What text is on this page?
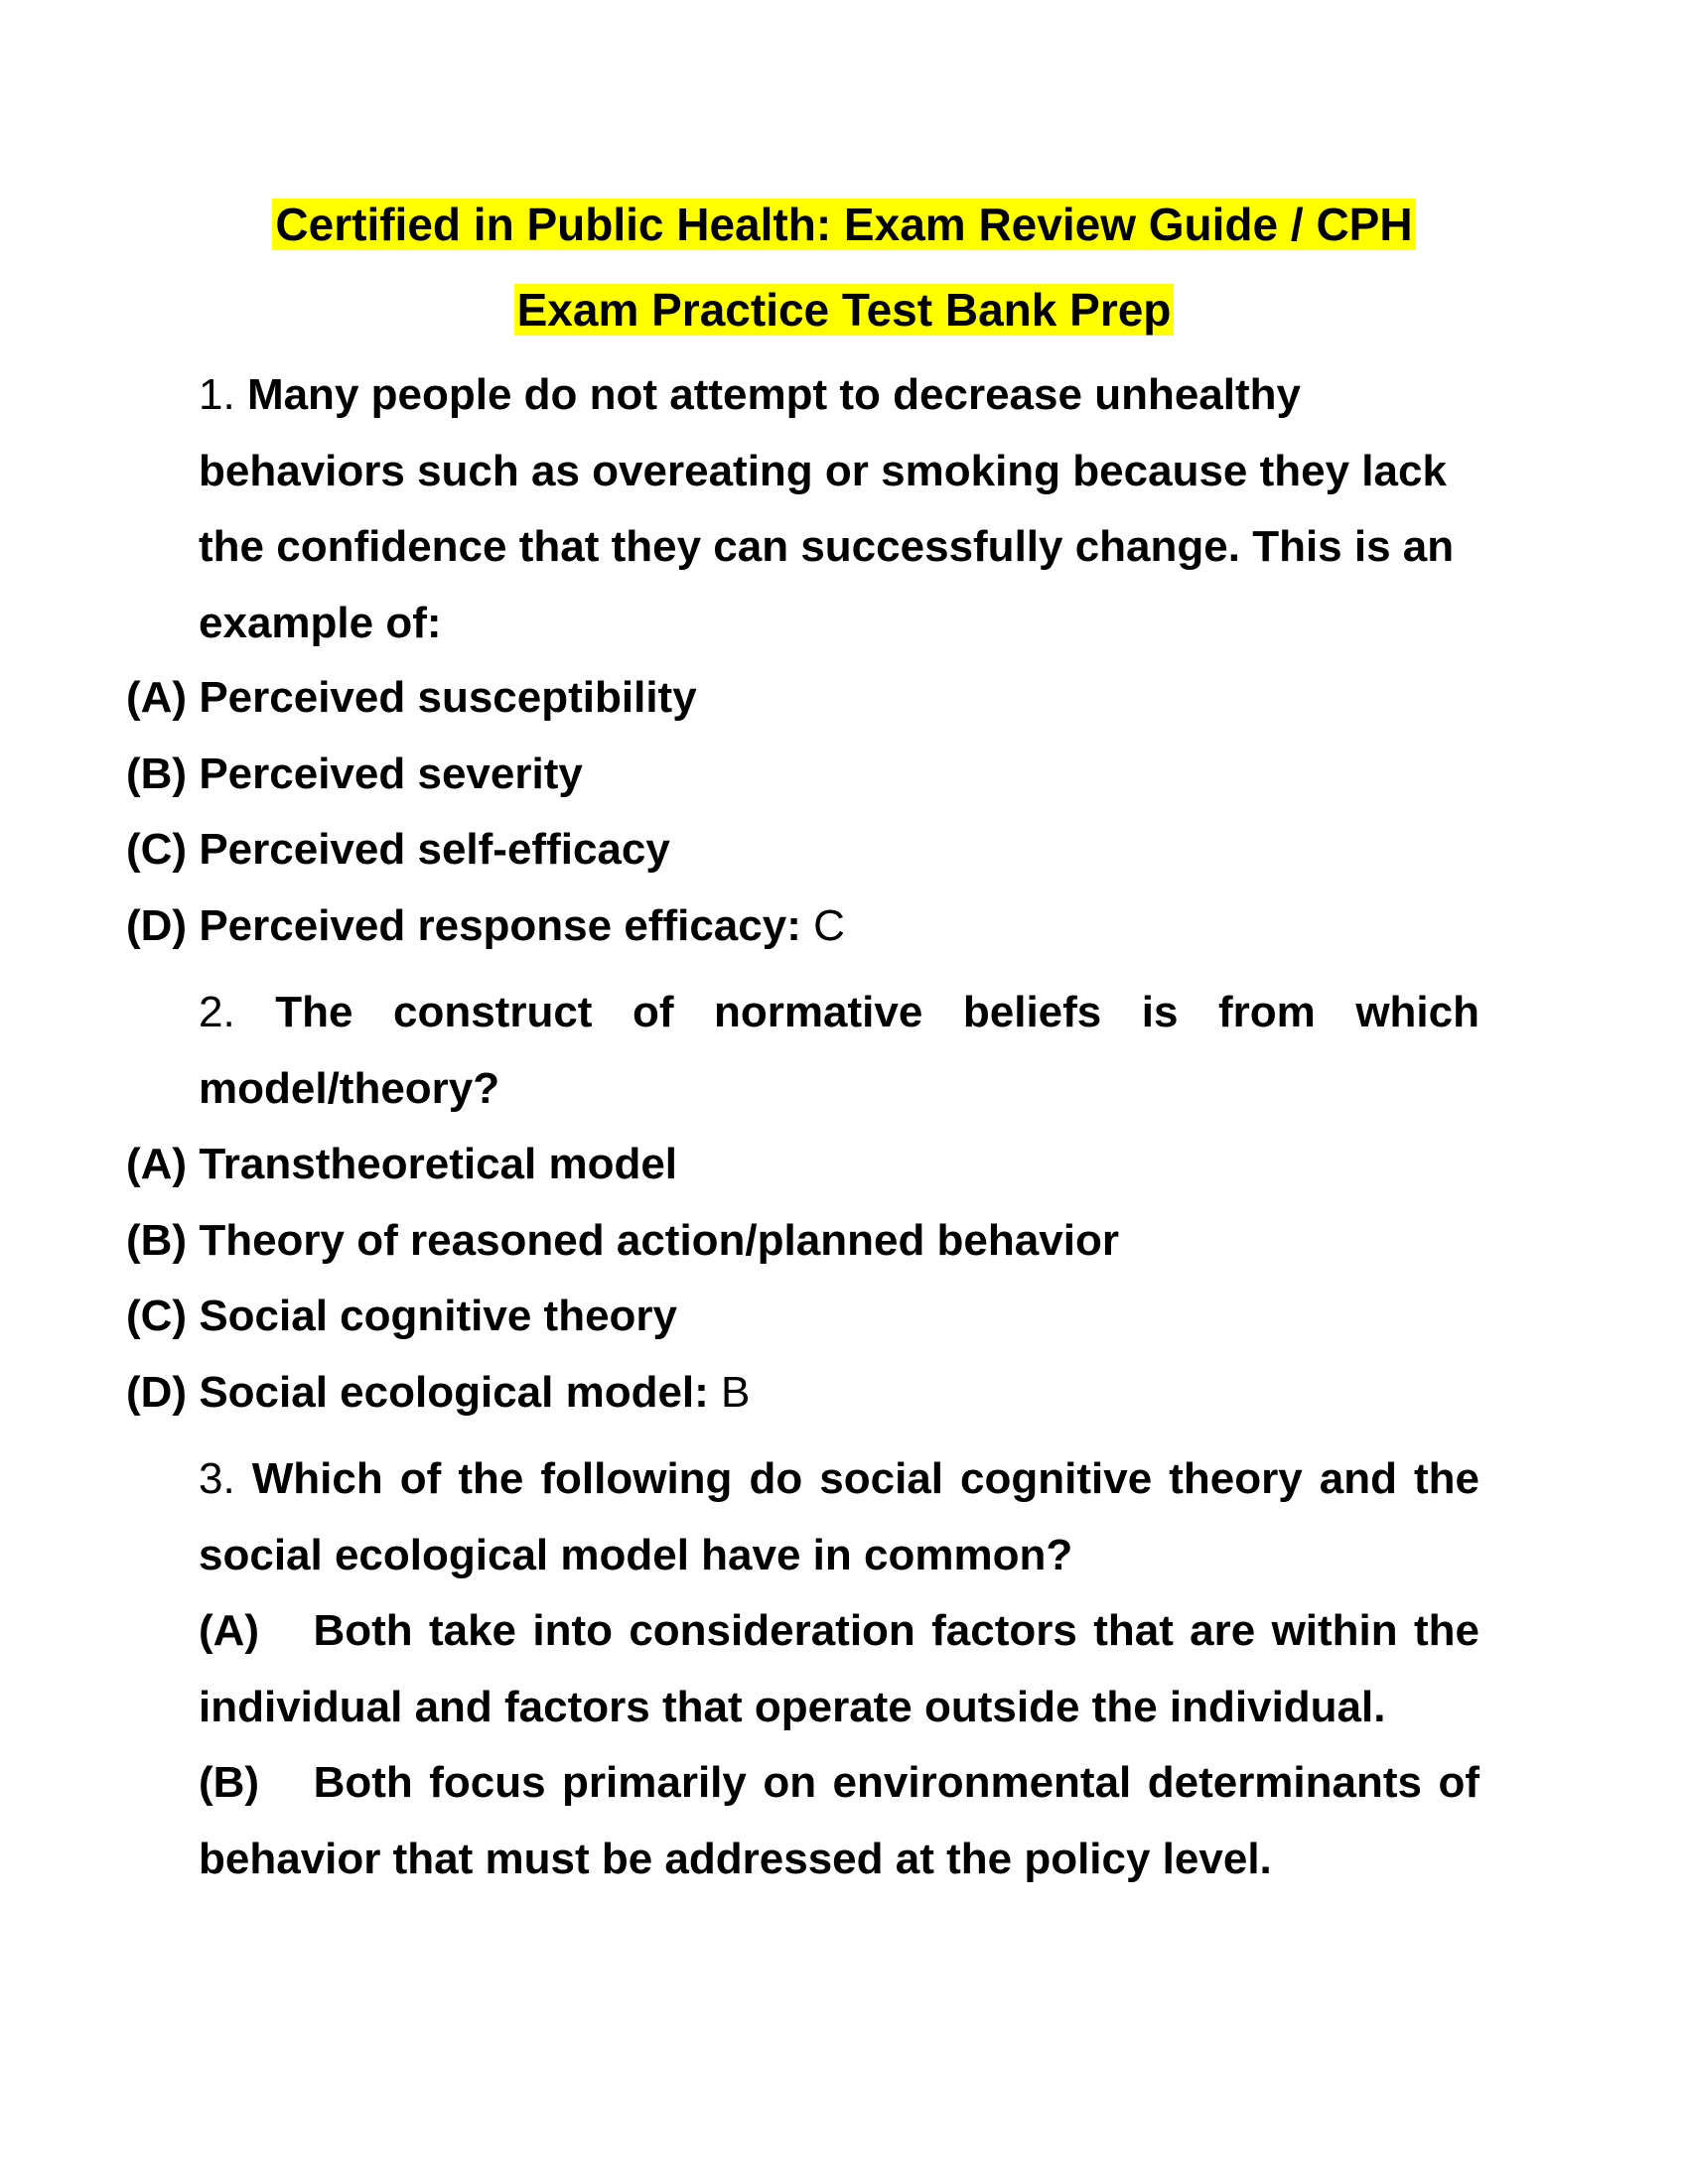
Certified in Public Health: Exam Review Guide / CPH
Exam Practice Test Bank Prep
1. Many people do not attempt to decrease unhealthy behaviors such as overeating or smoking because they lack the confidence that they can successfully change. This is an example of:
(A) Perceived susceptibility
(B) Perceived severity
(C) Perceived self-efficacy
(D) Perceived response efficacy: C
2. The construct of normative beliefs is from which model/theory?
(A) Transtheoretical model
(B) Theory of reasoned action/planned behavior
(C) Social cognitive theory
(D) Social ecological model: B
3. Which of the following do social cognitive theory and the social ecological model have in common?
(A) Both take into consideration factors that are within the individual and factors that operate outside the individual.
(B) Both focus primarily on environmental determinants of behavior that must be addressed at the policy level.
